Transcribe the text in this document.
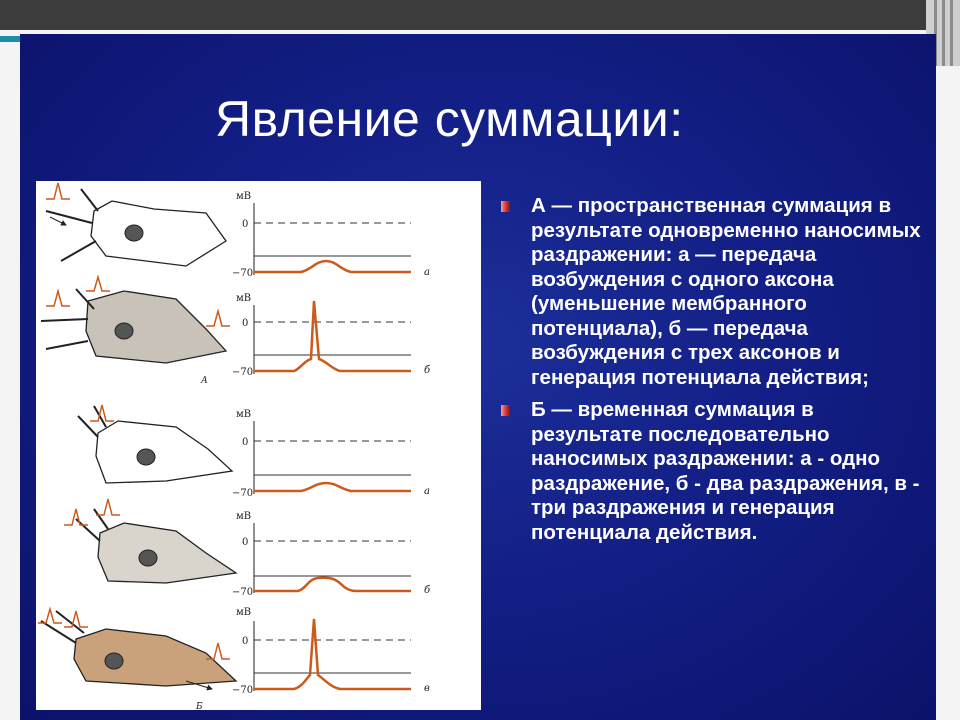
Явление суммации:
мВ
0
−70	а
А
мВ
0
−70	б
мВ
0
−70	а
мВ
0
−70	б
Б
мВ
0
−70	в
А — пространственная суммация в результате одновременно наносимых раздражении: а — передача возбуждения с одного аксона (уменьшение мембранного потенциала), б — передача возбуждения с трех аксонов и генерация потенциала действия;
Б — временная суммация в результате последовательно наносимых раздражении: а - одно раздражение, б - два раздражения, в - три раздражения и генерация потенциала действия.
